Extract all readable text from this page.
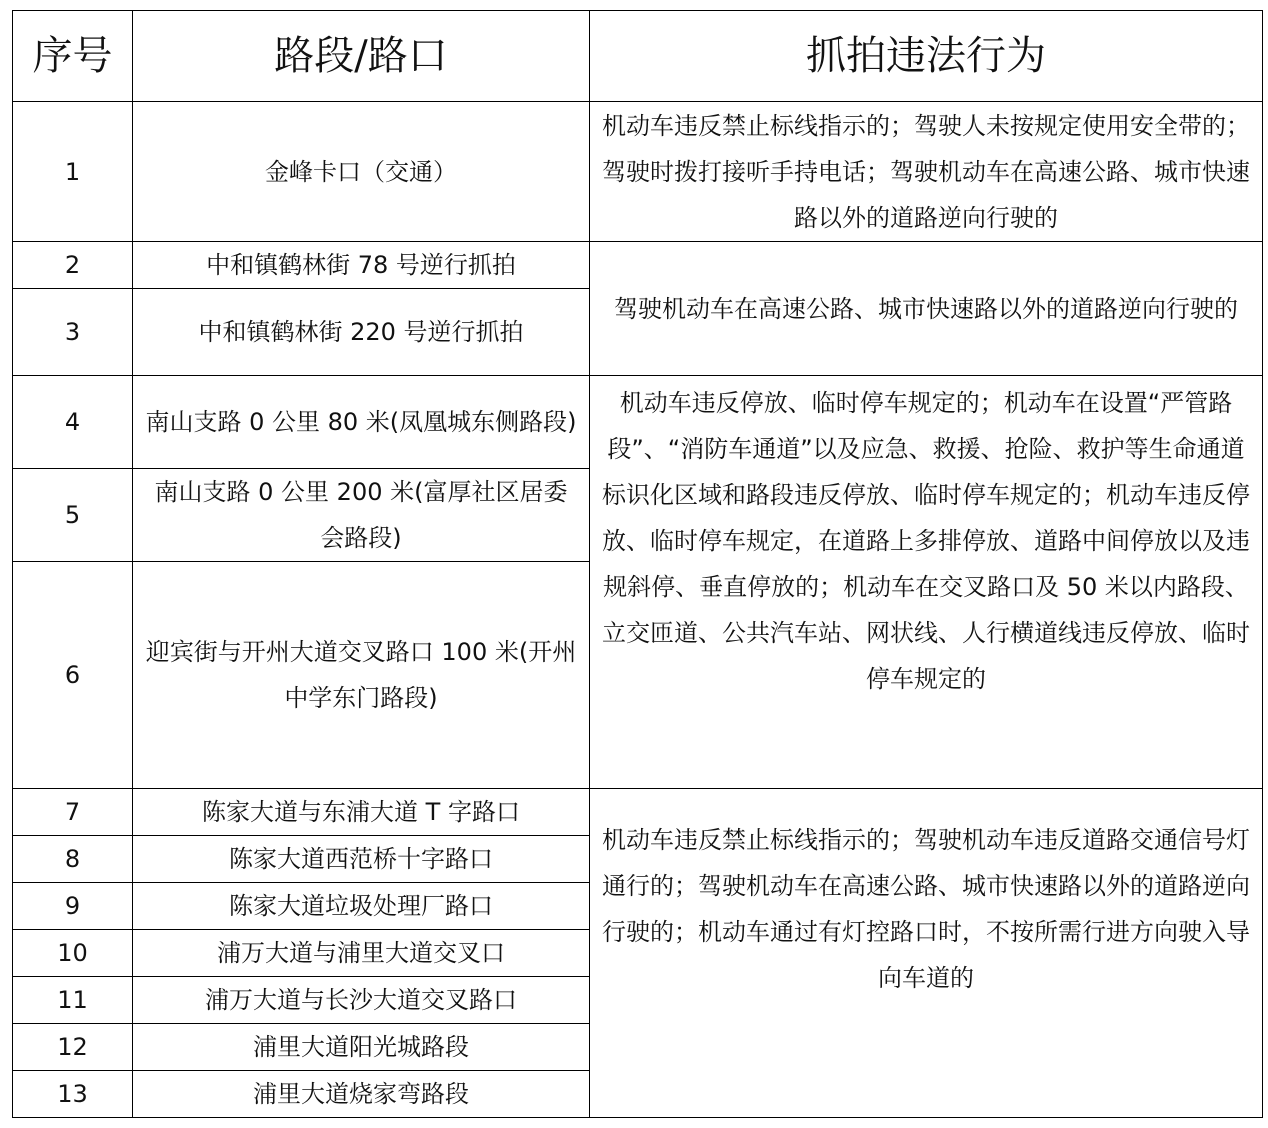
序号	路段/路口	抓拍违法行为
1	金峰卡口（交通）	机动车违反禁止标线指示的；驾驶人未按规定使用安全带的；驾驶时拨打接听手持电话；驾驶机动车在高速公路、城市快速路以外的道路逆向行驶的
2	中和镇鹤林街 78 号逆行抓拍	驾驶机动车在高速公路、城市快速路以外的道路逆向行驶的
3	中和镇鹤林街 220 号逆行抓拍	
4	南山支路 0 公里 80 米(凤凰城东侧路段)	机动车违反停放、临时停车规定的；机动车在设置“严管路段”、“消防车通道”以及应急、救援、抢险、救护等生命通道标识化区域和路段违反停放、临时停车规定的；机动车违反停放、临时停车规定，在道路上多排停放、道路中间停放以及违规斜停、垂直停放的；机动车在交叉路口及 50 米以内路段、立交匝道、公共汽车站、网状线、人行横道线违反停放、临时停车规定的
5	南山支路 0 公里 200 米(富厚社区居委会路段)	
6	迎宾街与开州大道交叉路口 100 米(开州中学东门路段)	
7	陈家大道与东浦大道 T 字路口	机动车违反禁止标线指示的；驾驶机动车违反道路交通信号灯通行的；驾驶机动车在高速公路、城市快速路以外的道路逆向行驶的；机动车通过有灯控路口时，不按所需行进方向驶入导向车道的
8	陈家大道西范桥十字路口	
9	陈家大道垃圾处理厂路口	
10	浦万大道与浦里大道交叉口	
11	浦万大道与长沙大道交叉路口	
12	浦里大道阳光城路段	
13	浦里大道烧家弯路段	
